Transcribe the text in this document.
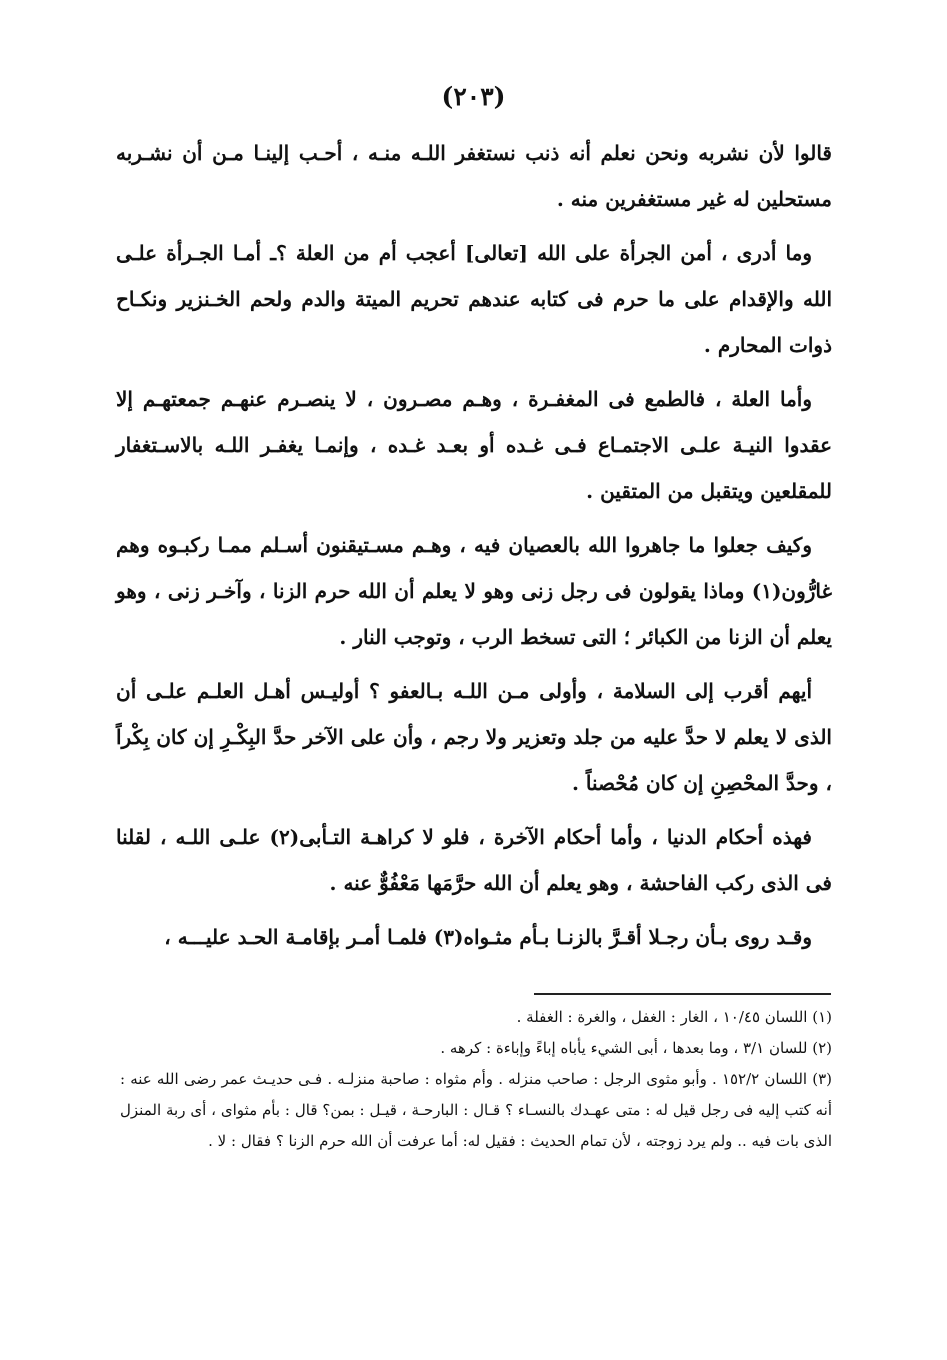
(٢٠٣)

قالوا لأن نشربه ونحن نعلم أنه ذنب نستغفر اللـه منـه ، أحـب إلينـا مـن أن نشـربه مستحلين له غير مستغفرين منه .

وما أدرى ، أمن الجرأة على الله [تعالى] أعجب أم من العلة ؟ـ أمـا الجـرأة علـى الله والإقدام على ما حرم فى كتابه عندهم تحريم الميتة والدم ولحم الخـنزير ونكـاح ذوات المحارم .

وأما العلة ، فالطمع فى المغفـرة ، وهـم مصـرون ، لا ينصـرم عنهـم جمعتهـم إلا عقدوا النيـة علـى الاجتمـاع فـى غـده أو بعـد غـده ، وإنمـا يغفـر اللـه بالاسـتغفار للمقلعين ويتقبل من المتقين .

وكيف جعلوا ما جاهروا الله بالعصيان فيه ، وهـم مسـتيقنون أسـلم ممـا ركبـوه وهم غارُّون(١) وماذا يقولون فى رجل زنى وهو لا يعلم أن الله حرم الزنا ، وآخـر زنى ، وهو يعلم أن الزنا من الكبائر ؛ التى تسخط الرب ، وتوجب النار .

أيهم أقرب إلى السلامة ، وأولى مـن اللـه بـالعفو ؟ أوليـس أهـل العلـم علـى أن الذى لا يعلم لا حدَّ عليه من جلد وتعزير ولا رجم ، وأن على الآخر حدَّ البِكْـرِ إن كان بِكْراً ، وحدَّ المحْصِنِ إن كان مُحْصناً .

فهذه أحكام الدنيا ، وأما أحكام الآخرة ، فلو لا كراهـة التـأبى(٢) علـى اللـه ، لقلنا فى الذى ركب الفاحشة ، وهو يعلم أن الله حرَّمَها مَعْفُوٌّ عنه .

وقـد روى بـأن رجـلا أقـرَّ بالزنـا بـأم مثـواه(٣) فلمـا أمـر بإقامـة الحـد عليـــه ،

(١) اللسان ١٠/٤٥ ، الغار : الغفل ، والغرة : الغفلة .

(٢) للسان ٣/١ ، وما بعدها ، أبى الشيء يأباه إباءً وإباءة : كرهه .

(٣) اللسان ١٥٢/٢ . وأبو مثوى الرجل : صاحب منزله . وأم مثواه : صاحبة منزلـه . فـى حديـث عمر رضى الله عنه : أنه كتب إليه فى رجل قيل له : متى عهـدك بالنسـاء ؟ قـال : البارحـة ، قيـل : بمن؟ قال : بأم مثواى ، أى ربة المنزل الذى بات فيه .. ولم يرد زوجته ، لأن تمام الحديث : فقيل له: أما عرفت أن الله حرم الزنا ؟ فقال : لا .
